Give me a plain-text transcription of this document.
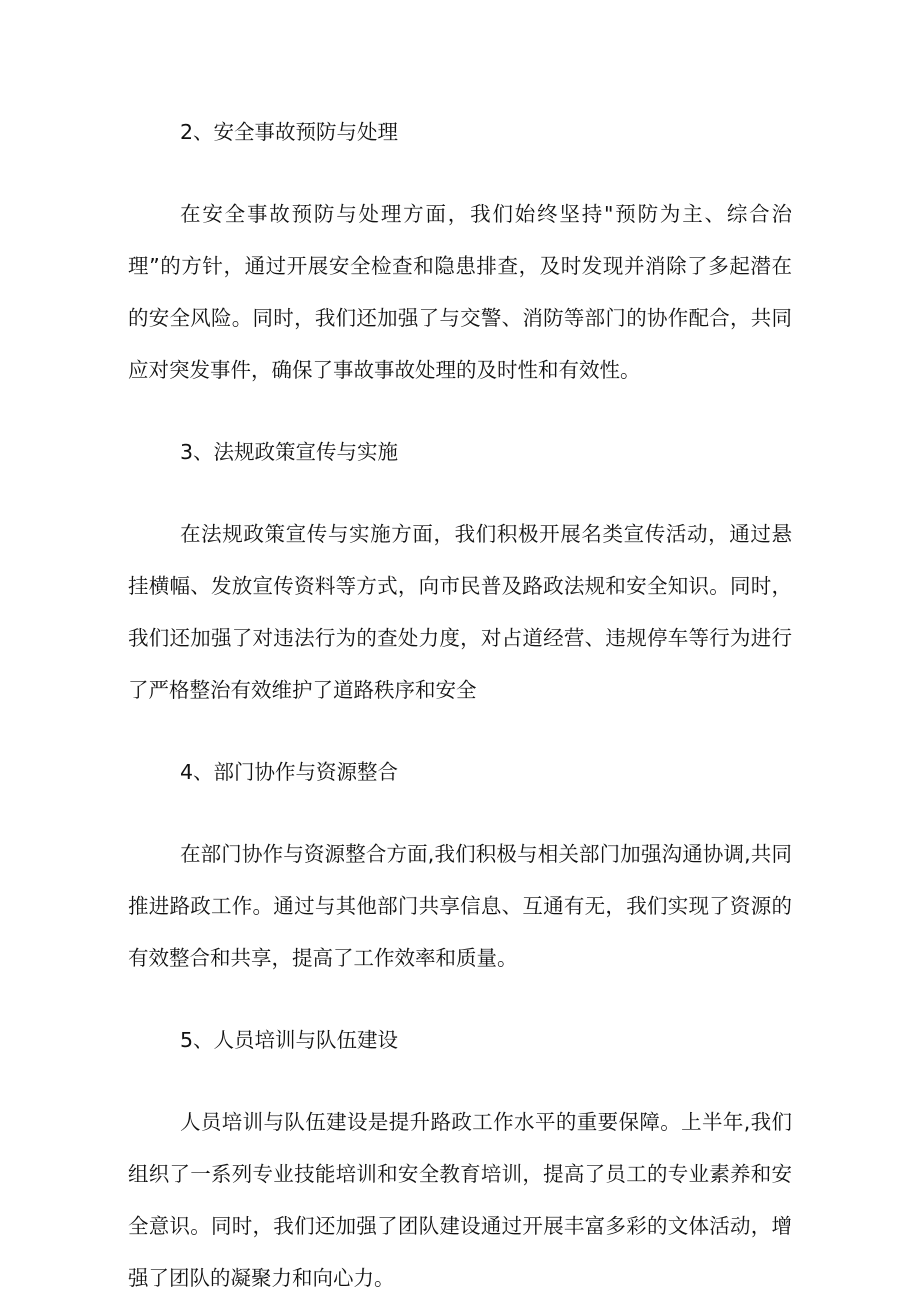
2、安全事故预防与处理

在安全事故预防与处理方面，我们始终坚持"预防为主、综合治理”的方针，通过开展安全检查和隐患排查，及时发现并消除了多起潜在的安全风险。同时，我们还加强了与交警、消防等部门的协作配合，共同应对突发事件，确保了事故事故处理的及时性和有效性。

3、法规政策宣传与实施

在法规政策宣传与实施方面，我们积极开展名类宣传活动，通过悬挂横幅、发放宣传资料等方式，向市民普及路政法规和安全知识。同时，我们还加强了对违法行为的查处力度，对占道经营、违规停车等行为进行了严格整治有效维护了道路秩序和安全

4、部门协作与资源整合

在部门协作与资源整合方面,我们积极与相关部门加强沟通协调,共同推进路政工作。通过与其他部门共享信息、互通有无，我们实现了资源的有效整合和共享，提高了工作效率和质量。

5、人员培训与队伍建设

人员培训与队伍建设是提升路政工作水平的重要保障。上半年,我们组织了一系列专业技能培训和安全教育培训，提高了员工的专业素养和安全意识。同时，我们还加强了团队建设通过开展丰富多彩的文体活动，增强了团队的凝聚力和向心力。
